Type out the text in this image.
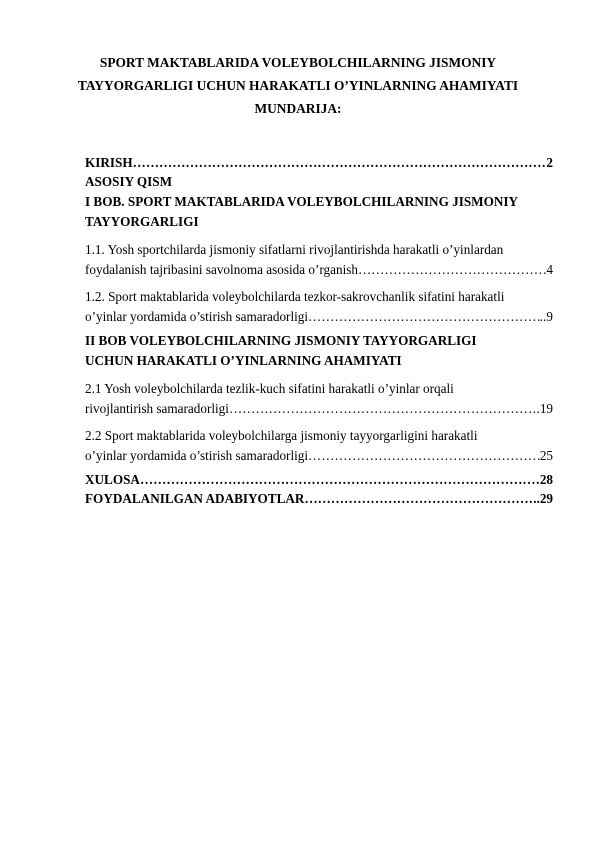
SPORT MAKTABLARIDA VOLEYBOLCHILARNING JISMONIY
TAYYORGARLIGI UCHUN HARAKATLI O’YINLARNING AHAMIYATI
MUNDARIJA:
KIRISH …………………………………………………………………………………………………………………………………………………………	2
ASOSIY QISM
I BOB. SPORT MAKTABLARIDA VOLEYBOLCHILARNING JISMONIY
TAYYORGARLIGI
1.1. Yosh sportchilarda jismoniy sifatlarni rivojlantirishda harakatli o’yinlardan
foydalanish tajribasini savolnoma asosida o’rganish …………………………………………………………………………………………………………………………………………………………	4
1.2. Sport maktablarida voleybolchilarda tezkor-sakrovchanlik sifatini harakatli
o’yinlar yordamida o’stirish samaradorligi …………………………………………………………………………………………………………………………………………………………	..9
II BOB VOLEYBOLCHILARNING JISMONIY TAYYORGARLIGI
UCHUN HARAKATLI O’YINLARNING AHAMIYATI
2.1 Yosh voleybolchilarda tezlik-kuch sifatini harakatli o’yinlar orqali
rivojlantirish samaradorligi …………………………………………………………………………………………………………………………………………………………	.19
2.2 Sport maktablarida voleybolchilarga jismoniy tayyorgarligini harakatli
o’yinlar yordamida o’stirish samaradorligi …………………………………………………………………………………………………………………………………………………………	25
XULOSA …………………………………………………………………………………………………………………………………………………………	28
FOYDALANILGAN ADABIYOTLAR …………………………………………………………………………………………………………………………………………………………	..29
